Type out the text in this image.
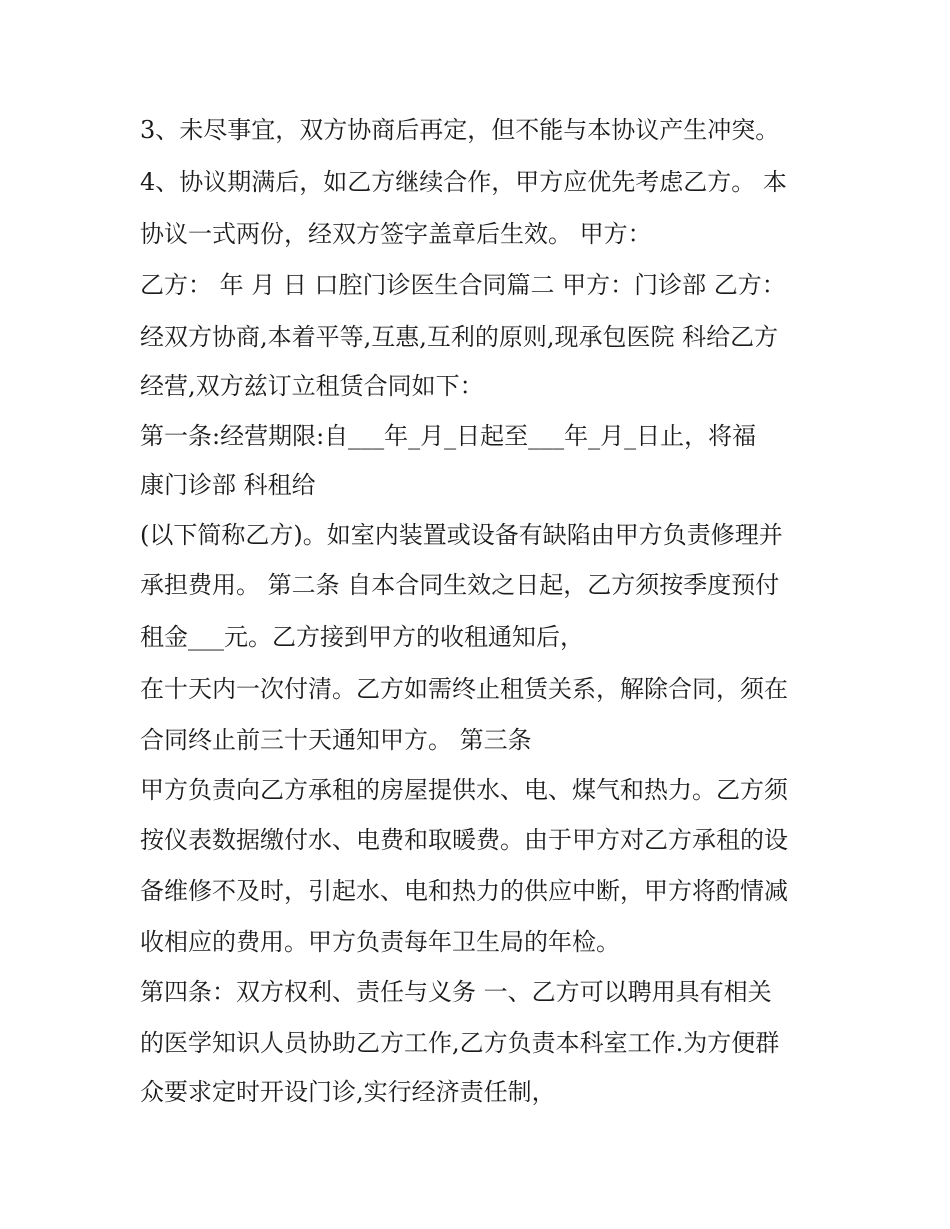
3、未尽事宜，双方协商后再定，但不能与本协议产生冲突。

4、协议期满后，如乙方继续合作，甲方应优先考虑乙方。 本

协议一式两份，经双方签字盖章后生效。 甲方：

乙方： 年 月 日 口腔门诊医生合同篇二 甲方：门诊部 乙方：

经双方协商,本着平等,互惠,互利的原则,现承包医院 科给乙方

经营,双方兹订立租赁合同如下：

第一条:经营期限:自___年_月_日起至___年_月_日止，将福

康门诊部 科租给

(以下简称乙方)。如室内装置或设备有缺陷由甲方负责修理并

承担费用。 第二条 自本合同生效之日起，乙方须按季度预付

租金___元。乙方接到甲方的收租通知后，

在十天内一次付清。乙方如需终止租赁关系，解除合同，须在

合同终止前三十天通知甲方。 第三条

甲方负责向乙方承租的房屋提供水、电、煤气和热力。乙方须

按仪表数据缴付水、电费和取暖费。由于甲方对乙方承租的设

备维修不及时，引起水、电和热力的供应中断，甲方将酌情减

收相应的费用。甲方负责每年卫生局的年检。

第四条：双方权利、责任与义务 一、乙方可以聘用具有相关

的医学知识人员协助乙方工作,乙方负责本科室工作.为方便群

众要求定时开设门诊,实行经济责任制，
